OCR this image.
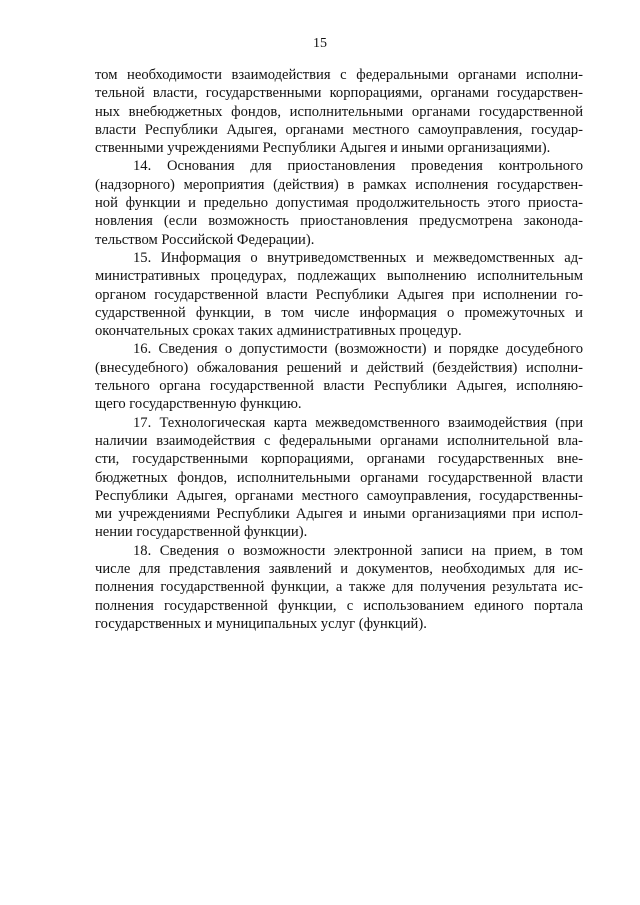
15
том необходимости взаимодействия с федеральными органами исполни-
тельной власти, государственными корпорациями, органами государствен-
ных внебюджетных фондов, исполнительными органами государственной
власти Республики Адыгея, органами местного самоуправления, государ-
ственными учреждениями Республики Адыгея и иными организациями).
14. Основания для приостановления проведения контрольного
(надзорного) мероприятия (действия) в рамках исполнения государствен-
ной функции и предельно допустимая продолжительность этого приоста-
новления (если возможность приостановления предусмотрена законода-
тельством Российской Федерации).
15. Информация о внутриведомственных и межведомственных ад-
министративных процедурах, подлежащих выполнению исполнительным
органом государственной власти Республики Адыгея при исполнении го-
сударственной функции, в том числе информация о промежуточных и
окончательных сроках таких административных процедур.
16. Сведения о допустимости (возможности) и порядке досудебного
(внесудебного) обжалования решений и действий (бездействия) исполни-
тельного органа государственной власти Республики Адыгея, исполняю-
щего государственную функцию.
17. Технологическая карта межведомственного взаимодействия (при
наличии взаимодействия с федеральными органами исполнительной вла-
сти, государственными корпорациями, органами государственных вне-
бюджетных фондов, исполнительными органами государственной власти
Республики Адыгея, органами местного самоуправления, государственны-
ми учреждениями Республики Адыгея и иными организациями при испол-
нении государственной функции).
18. Сведения о возможности электронной записи на прием, в том
числе для представления заявлений и документов, необходимых для ис-
полнения государственной функции, а также для получения результата ис-
полнения государственной функции, с использованием единого портала
государственных и муниципальных услуг (функций).
